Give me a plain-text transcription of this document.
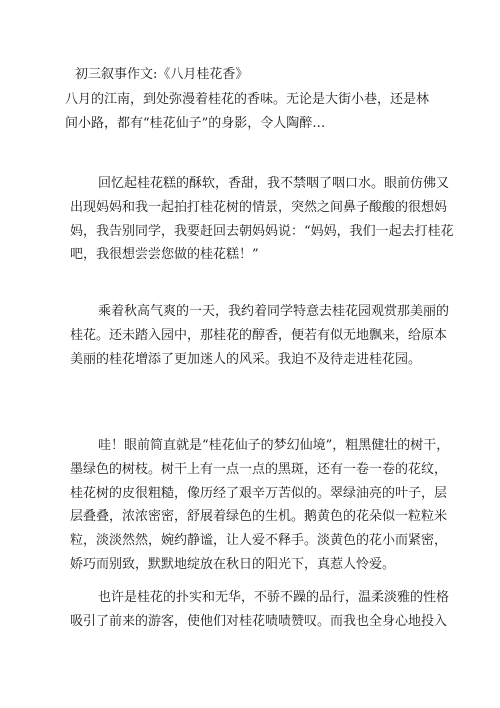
初三叙事作文:《八月桂花香》
八月的江南，到处弥漫着桂花的香味。无论是大街小巷，还是林
间小路，都有“桂花仙子”的身影，令人陶醉…
回忆起桂花糕的酥软，香甜，我不禁咽了咽口水。眼前仿佛又
出现妈妈和我一起拍打桂花树的情景，突然之间鼻子酸酸的很想妈
妈，我告别同学，我要赶回去朝妈妈说：“妈妈，我们一起去打桂花
吧，我很想尝尝您做的桂花糕！”
乘着秋高气爽的一天，我约着同学特意去桂花园观赏那美丽的
桂花。还未踏入园中，那桂花的醇香，便若有似无地飘来，给原本
美丽的桂花增添了更加迷人的风采。我迫不及待走进桂花园。
哇！眼前简直就是“桂花仙子的梦幻仙境”，粗黑健壮的树干，
墨绿色的树枝。树干上有一点一点的黑斑，还有一卷一卷的花纹，
桂花树的皮很粗糙，像历经了艰辛万苦似的。翠绿油亮的叶子，层
层叠叠，浓浓密密，舒展着绿色的生机。鹅黄色的花朵似一粒粒米
粒，淡淡然然，婉约静谧，让人爱不释手。淡黄色的花小而紧密，
娇巧而别致，默默地绽放在秋日的阳光下，真惹人怜爱。
也许是桂花的扑实和无华，不骄不躁的品行，温柔淡雅的性格
吸引了前来的游客，使他们对桂花啧啧赞叹。而我也全身心地投入
